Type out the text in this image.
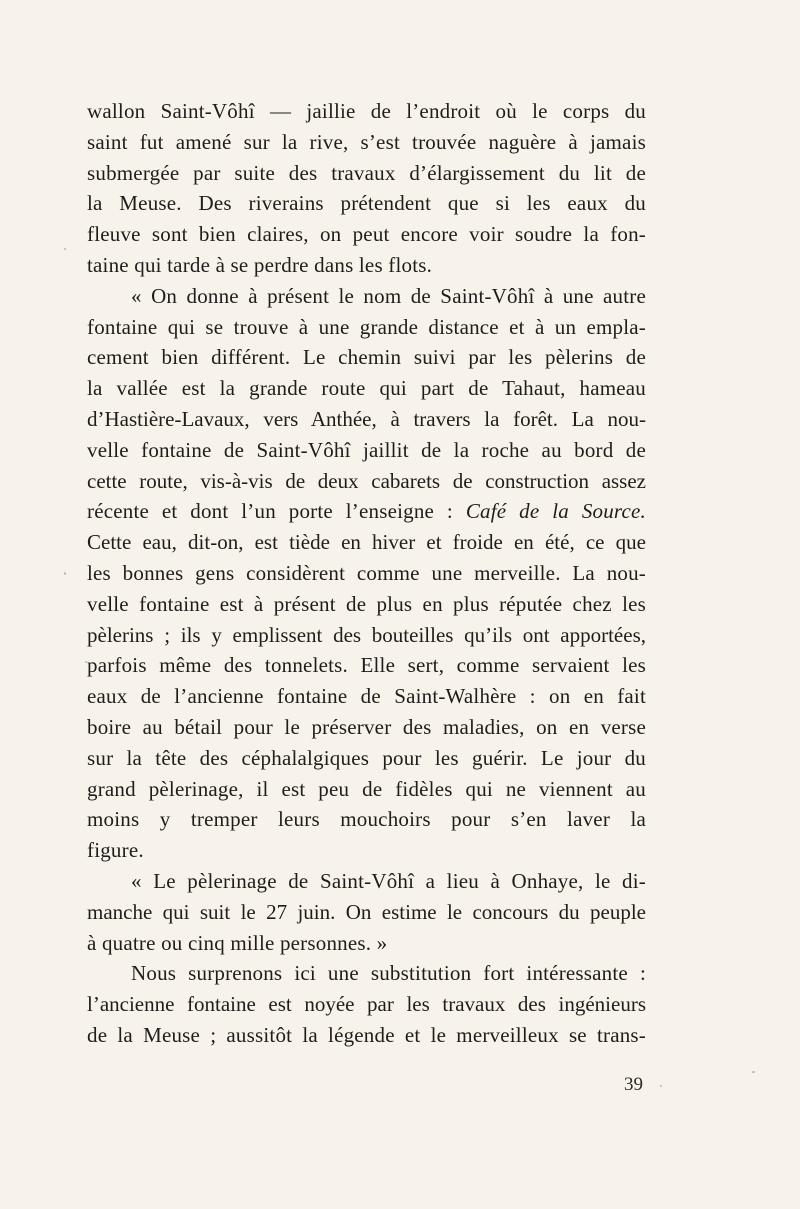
wallon Saint-Vôhî — jaillie de l’endroit où le corps du
saint fut amené sur la rive, s’est trouvée naguère à jamais
submergée par suite des travaux d’élargissement du lit de
la Meuse. Des riverains prétendent que si les eaux du
fleuve sont bien claires, on peut encore voir soudre la fon-
taine qui tarde à se perdre dans les flots.
« On donne à présent le nom de Saint-Vôhî à une autre
fontaine qui se trouve à une grande distance et à un empla-
cement bien différent. Le chemin suivi par les pèlerins de
la vallée est la grande route qui part de Tahaut, hameau
d’Hastière-Lavaux, vers Anthée, à travers la forêt. La nou-
velle fontaine de Saint-Vôhî jaillit de la roche au bord de
cette route, vis-à-vis de deux cabarets de construction assez
récente et dont l’un porte l’enseigne : Café de la Source.
Cette eau, dit-on, est tiède en hiver et froide en été, ce que
les bonnes gens considèrent comme une merveille. La nou-
velle fontaine est à présent de plus en plus réputée chez les
pèlerins ; ils y emplissent des bouteilles qu’ils ont apportées,
parfois même des tonnelets. Elle sert, comme servaient les
eaux de l’ancienne fontaine de Saint-Walhère : on en fait
boire au bétail pour le préserver des maladies, on en verse
sur la tête des céphalalgiques pour les guérir. Le jour du
grand pèlerinage, il est peu de fidèles qui ne viennent au
moins y tremper leurs mouchoirs pour s’en laver la
figure.
« Le pèlerinage de Saint-Vôhî a lieu à Onhaye, le di-
manche qui suit le 27 juin. On estime le concours du peuple
à quatre ou cinq mille personnes. »
Nous surprenons ici une substitution fort intéressante :
l’ancienne fontaine est noyée par les travaux des ingénieurs
de la Meuse ; aussitôt la légende et le merveilleux se trans-
39
